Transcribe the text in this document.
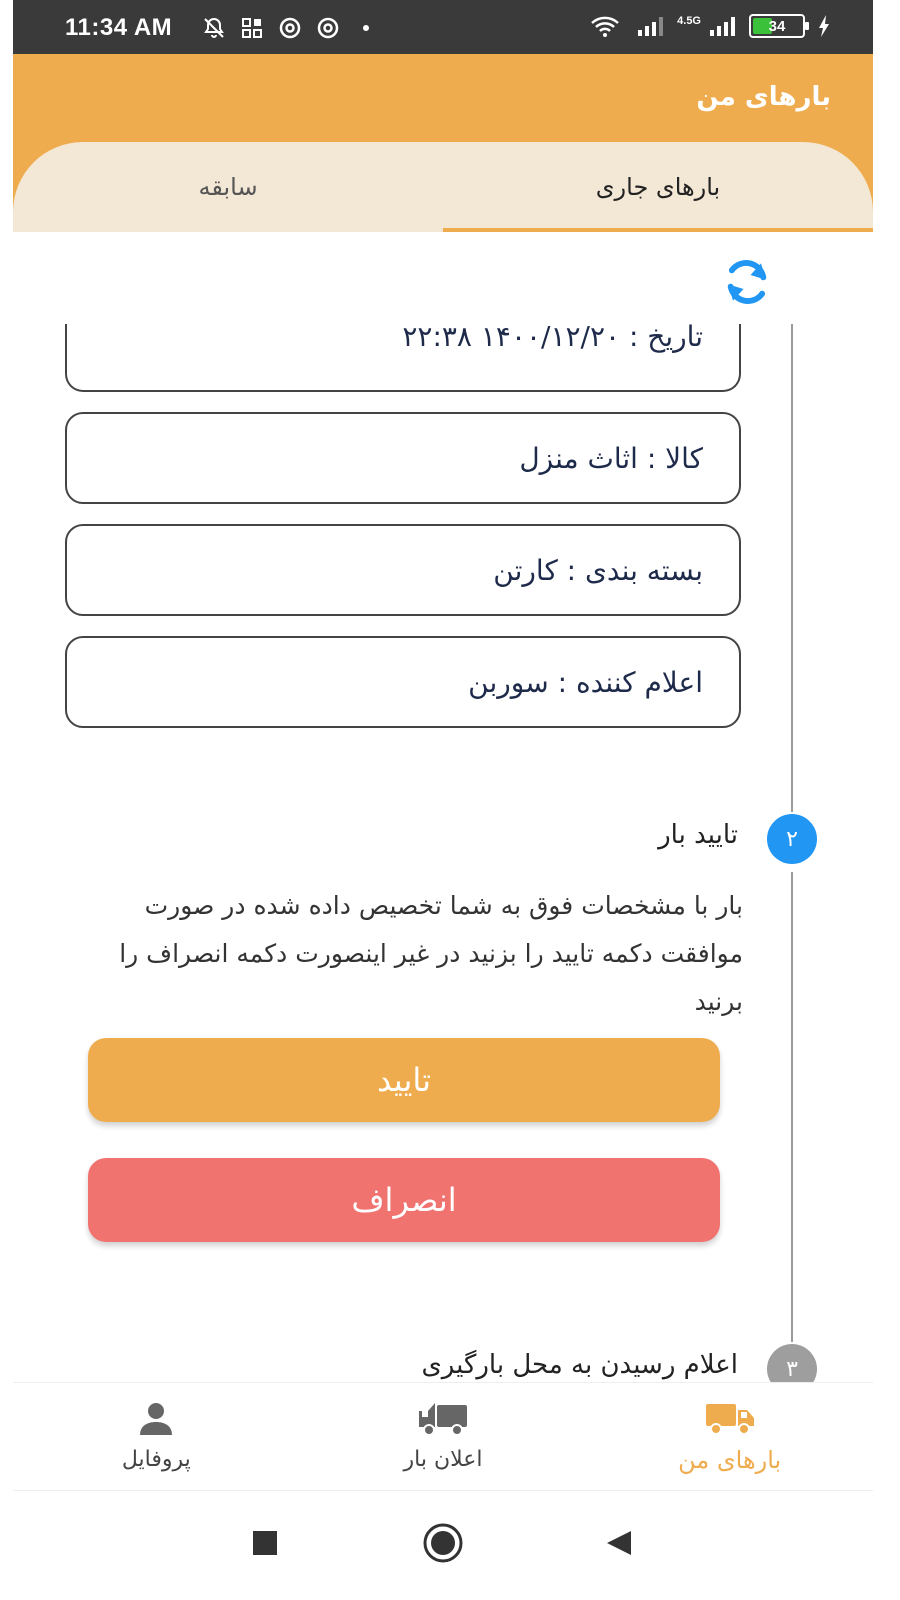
11:34 AM	4.5G	34
بارهای من
بارهای جاری
سابقه
تاریخ : ۱۴۰۰/۱۲/۲۰ ۲۲:۳۸
کالا : اثاث منزل
بسته بندی : کارتن
اعلام کننده : سوربن
۲
تایید بار
بار با مشخصات فوق به شما تخصیص داده شده در صورت موافقت دکمه تایید را بزنید در غیر اینصورت دکمه انصراف را برنید
تایید
انصراف
۳
اعلام رسیدن به محل بارگیری
بارهای من
اعلان بار
پروفایل
